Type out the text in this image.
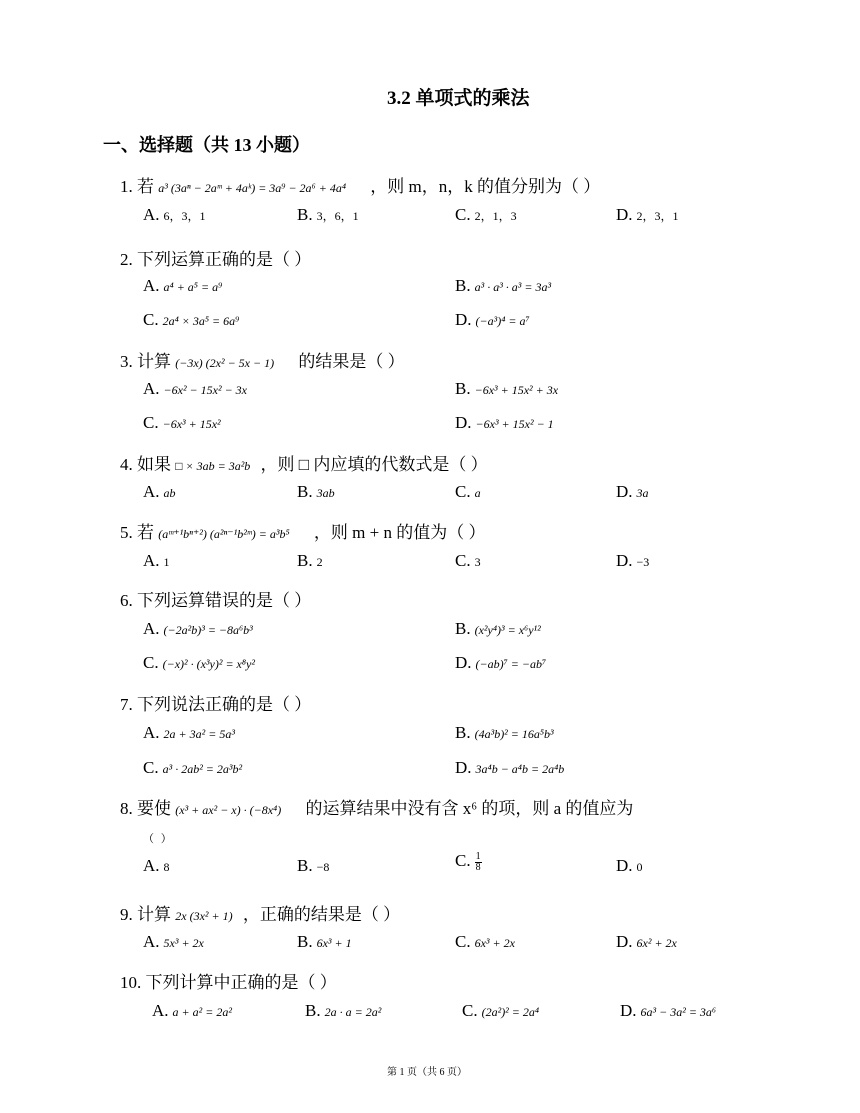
3.2 单项式的乘法
一、选择题（共 13 小题）
1. 若 a³ (3aⁿ − 2aᵐ + 4aᵏ) = 3a⁹ − 2a⁶ + 4a⁴ ，则 m，n，k 的值分别为（ ）
A. 6，3，1	B. 3，6，1	C. 2，1，3	D. 2，3，1
2. 下列运算正确的是（ ）
A. a⁴ + a⁵ = a⁹	B. a³ · a³ · a³ = 3a³
C. 2a⁴ × 3a⁵ = 6a⁹	D. (−a³)⁴ = a⁷
3. 计算 (−3x) (2x² − 5x − 1) 的结果是（ ）
A. −6x² − 15x² − 3x	B. −6x³ + 15x² + 3x
C. −6x³ + 15x²	D. −6x³ + 15x² − 1
4. 如果 □ × 3ab = 3a²b ，则 □ 内应填的代数式是（ ）
A. ab	B. 3ab	C. a	D. 3a
5. 若 (aᵐ⁺¹bⁿ⁺²) (a²ⁿ⁻¹b²ᵐ) = a³b⁵ ，则 m + n 的值为（ ）
A. 1	B. 2	C. 3	D. −3
6. 下列运算错误的是（ ）
A. (−2a²b)³ = −8a⁶b³	B. (x²y⁴)³ = x⁶y¹²
C. (−x)² · (x³y)² = x⁸y²	D. (−ab)⁷ = −ab⁷
7. 下列说法正确的是（ ）
A. 2a + 3a² = 5a³	B. (4a³b)² = 16a⁵b³
C. a³ · 2ab² = 2a³b²	D. 3a⁴b − a⁴b = 2a⁴b
8. 要使 (x³ + ax² − x) · (−8x⁴) 的运算结果中没有含 x⁶ 的项，则 a 的值应为
（ ）
A. 8	B. −8	C. $\frac{1}{8}$	D. 0
9. 计算 2x (3x² + 1) ，正确的结果是（ ）
A. 5x³ + 2x	B. 6x³ + 1	C. 6x³ + 2x	D. 6x² + 2x
10. 下列计算中正确的是（ ）
A. a + a² = 2a²	B. 2a · a = 2a²	C. (2a²)² = 2a⁴	D. 6a³ − 3a² = 3a⁶
第 1 页（共 6 页）
